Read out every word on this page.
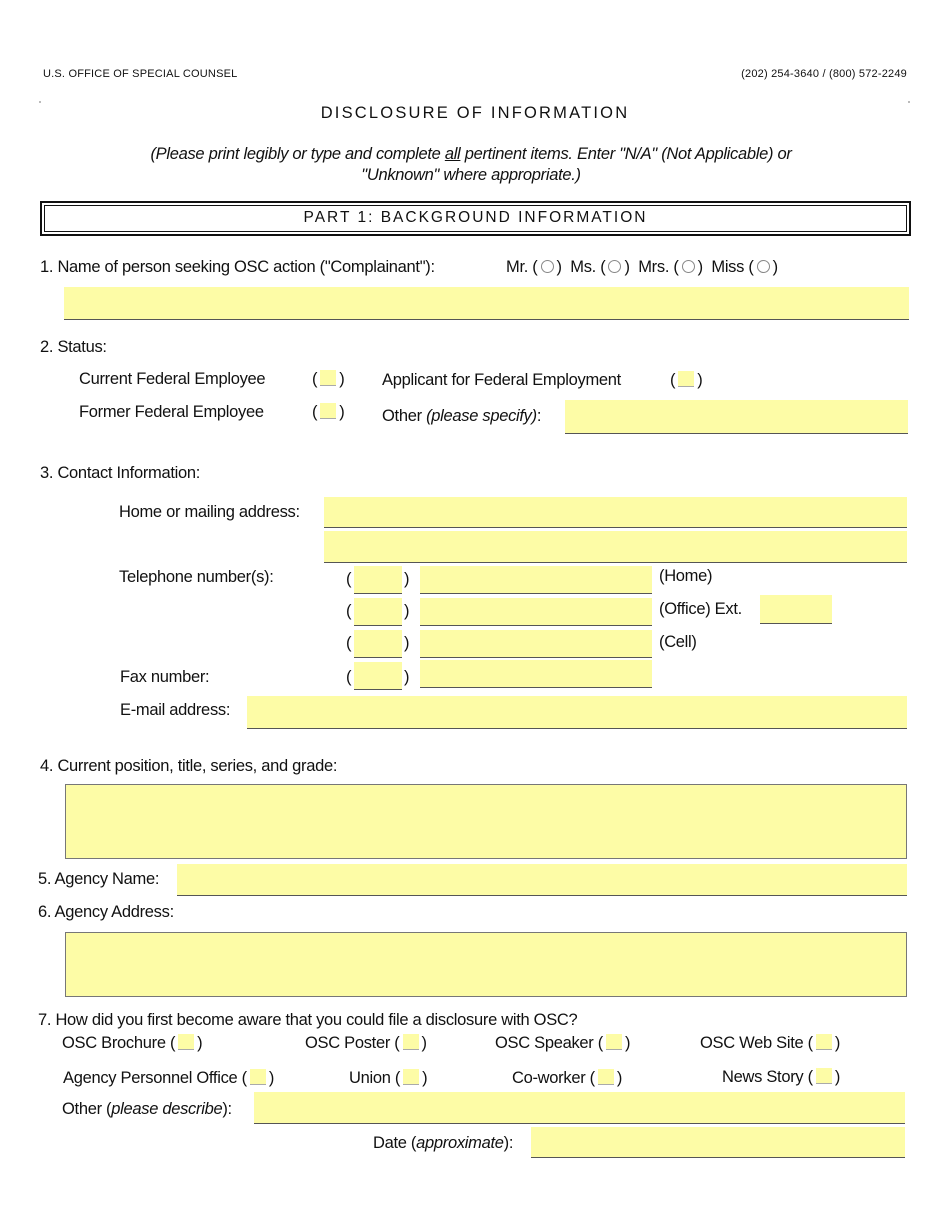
U.S. OFFICE OF SPECIAL COUNSEL	(202) 254-3640 / (800) 572-2249
DISCLOSURE OF INFORMATION
(Please print legibly or type and complete all pertinent items. Enter "N/A" (Not Applicable) or
"Unknown" where appropriate.)
PART 1: BACKGROUND INFORMATION
1. Name of person seeking OSC action ("Complainant"):	Mr. ( ) Ms. ( ) Mrs. ( ) Miss ( )
2. Status:
Current Federal Employee	( ) Applicant for Federal Employment	( )
Former Federal Employee	( ) Other (please specify):
3. Contact Information:
Home or mailing address:
Telephone number(s):	(	)	(Home)
(	)	(Office) Ext.
(	)	(Cell)
Fax number:	(	)
E-mail address:
4. Current position, title, series, and grade:
5. Agency Name:
6. Agency Address:
7. How did you first become aware that you could file a disclosure with OSC?
OSC Brochure ( )	OSC Poster ( )	OSC Speaker ( )	OSC Web Site ( )
Agency Personnel Office ( )	Union ( )	Co-worker ( )	News Story ( )
Other (please describe):
Date (approximate):
